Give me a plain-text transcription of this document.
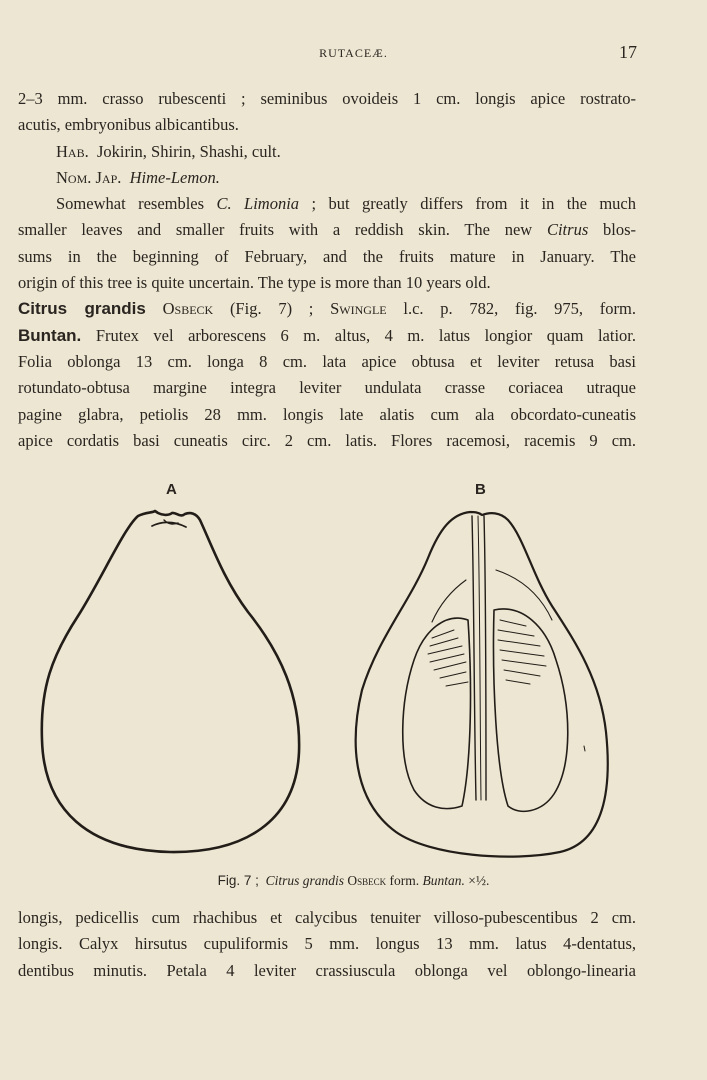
RUTACEÆ.	17
2–3 mm. crasso rubescenti ; seminibus ovoideis 1 cm. longis apice rostrato-
acutis, embryonibus albicantibus.
Hab. Jokirin, Shirin, Shashi, cult.
Nom. Jap. Hime-Lemon.
Somewhat resembles C. Limonia ; but greatly differs from it in the much
smaller leaves and smaller fruits with a reddish skin. The new Citrus blos-
sums in the beginning of February, and the fruits mature in January. The
origin of this tree is quite uncertain. The type is more than 10 years old.
Citrus grandis Osbeck (Fig. 7) ; Swingle l.c. p. 782, fig. 975, form.
Buntan. Frutex vel arborescens 6 m. altus, 4 m. latus longior quam latior.
Folia oblonga 13 cm. longa 8 cm. lata apice obtusa et leviter retusa basi
rotundato-obtusa margine integra leviter undulata crasse coriacea utraque
pagine glabra, petiolis 28 mm. longis late alatis cum ala obcordato-cuneatis
apice cordatis basi cuneatis circ. 2 cm. latis. Flores racemosi, racemis 9 cm.
A	B
Fig. 7 ; Citrus grandis Osbeck form. Buntan. ×½.
longis, pedicellis cum rhachibus et calycibus tenuiter villoso-pubescentibus 2 cm.
longis. Calyx hirsutus cupuliformis 5 mm. longus 13 mm. latus 4-dentatus,
dentibus minutis. Petala 4 leviter crassiuscula oblonga vel oblongo-linearia
